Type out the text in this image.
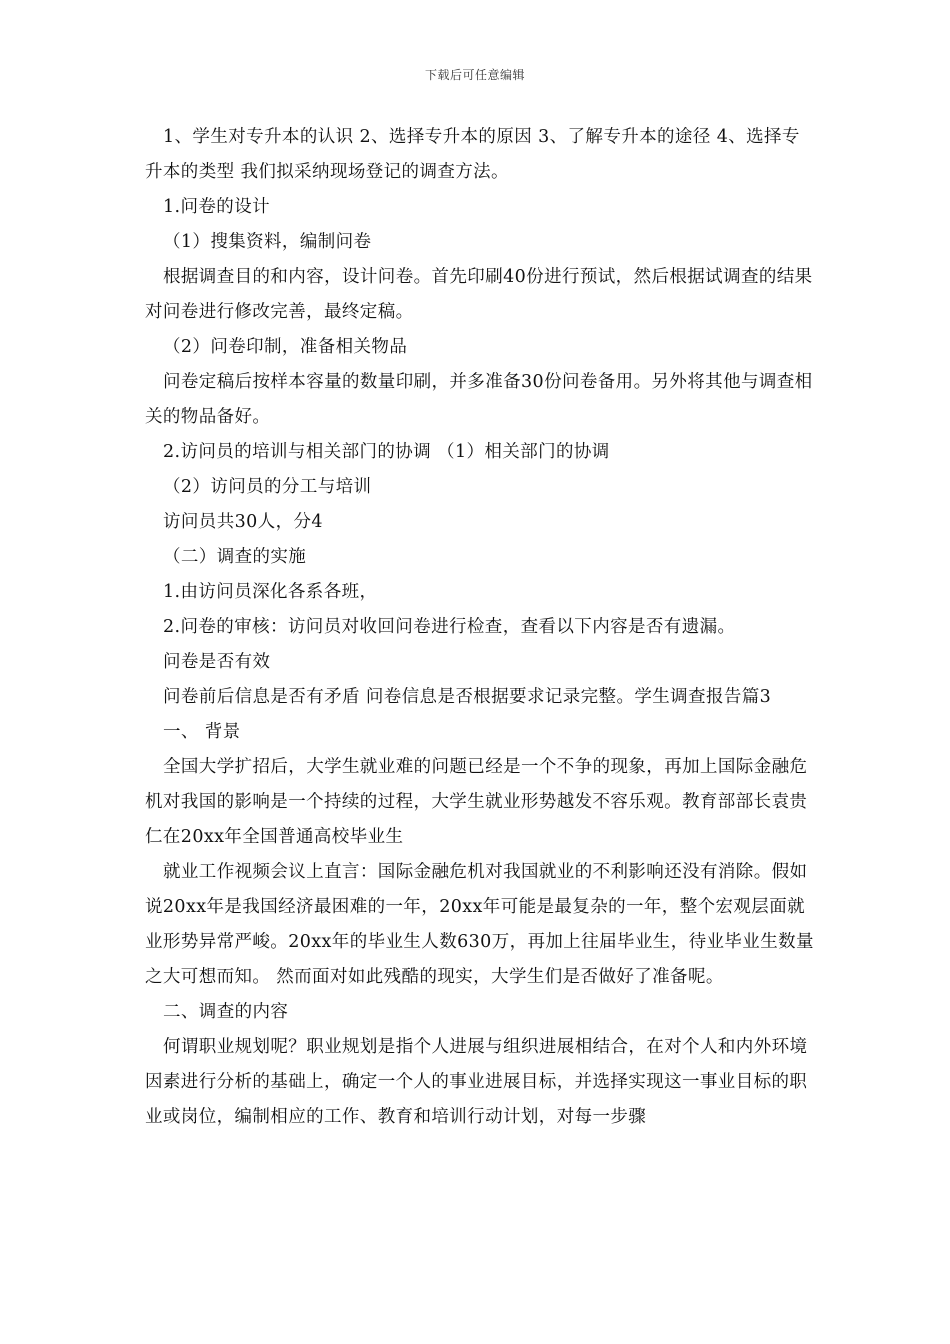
下载后可任意编辑

1、学生对专升本的认识 2、选择专升本的原因 3、了解专升本的途径 4、选择专升本的类型 我们拟采纳现场登记的调查方法。

1.问卷的设计

（1）搜集资料，编制问卷

根据调查目的和内容，设计问卷。首先印刷40份进行预试，然后根据试调查的结果对问卷进行修改完善，最终定稿。

（2）问卷印制，准备相关物品

问卷定稿后按样本容量的数量印刷，并多准备30份问卷备用。另外将其他与调查相关的物品备好。

2.访问员的培训与相关部门的协调 （1）相关部门的协调

（2）访问员的分工与培训

访问员共30人，分4

（二）调查的实施

1.由访问员深化各系各班，

2.问卷的审核：访问员对收回问卷进行检查，查看以下内容是否有遗漏。

问卷是否有效

问卷前后信息是否有矛盾 问卷信息是否根据要求记录完整。学生调查报告篇3

一、 背景

全国大学扩招后，大学生就业难的问题已经是一个不争的现象，再加上国际金融危机对我国的影响是一个持续的过程，大学生就业形势越发不容乐观。教育部部长袁贵仁在20xx年全国普通高校毕业生

就业工作视频会议上直言：国际金融危机对我国就业的不利影响还没有消除。假如说20xx年是我国经济最困难的一年，20xx年可能是最复杂的一年，整个宏观层面就业形势异常严峻。20xx年的毕业生人数630万，再加上往届毕业生，待业毕业生数量之大可想而知。 然而面对如此残酷的现实，大学生们是否做好了准备呢。

二、调查的内容

何谓职业规划呢？职业规划是指个人进展与组织进展相结合，在对个人和内外环境因素进行分析的基础上，确定一个人的事业进展目标，并选择实现这一事业目标的职业或岗位，编制相应的工作、教育和培训行动计划，对每一步骤
